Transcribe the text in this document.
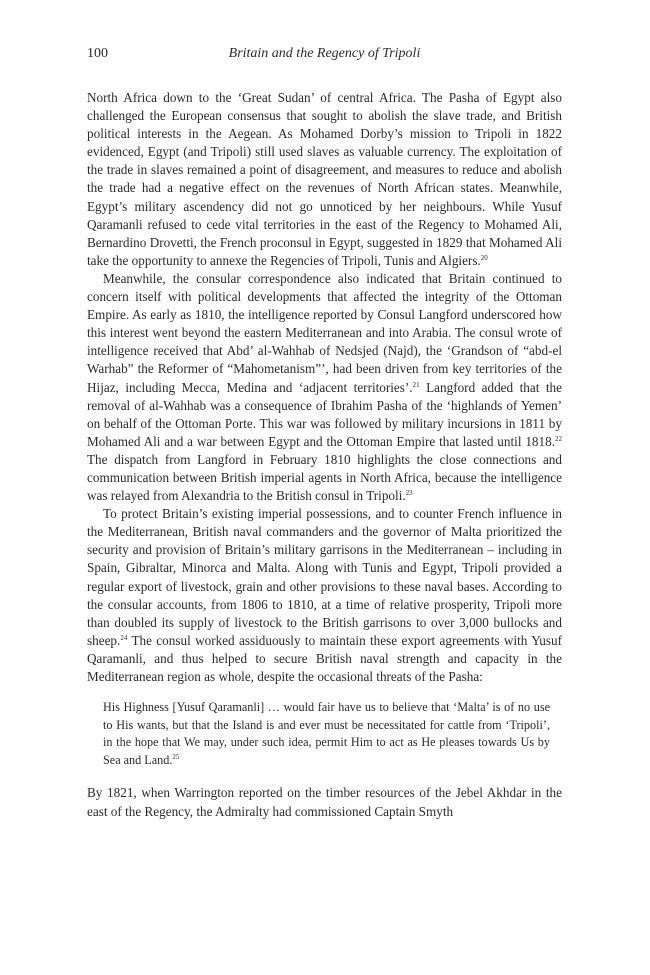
100	Britain and the Regency of Tripoli

North Africa down to the ‘Great Sudan’ of central Africa. The Pasha of Egypt also challenged the European consensus that sought to abolish the slave trade, and British political interests in the Aegean. As Mohamed Dorby’s mission to Tripoli in 1822 evidenced, Egypt (and Tripoli) still used slaves as valuable currency. The exploitation of the trade in slaves remained a point of disagreement, and measures to reduce and abolish the trade had a negative effect on the revenues of North African states. Meanwhile, Egypt’s military ascendency did not go unnoticed by her neighbours. While Yusuf Qaramanli refused to cede vital territories in the east of the Regency to Mohamed Ali, Bernardino Drovetti, the French proconsul in Egypt, suggested in 1829 that Mohamed Ali take the opportunity to annexe the Regencies of Tripoli, Tunis and Algiers.$^{20}$

Meanwhile, the consular correspondence also indicated that Britain continued to concern itself with political developments that affected the integrity of the Ottoman Empire. As early as 1810, the intelligence reported by Consul Langford underscored how this interest went beyond the eastern Mediterranean and into Arabia. The consul wrote of intelligence received that Abd’ al-Wahhab of Nedsjed (Najd), the ‘Grandson of “abd-el Warhab” the Reformer of “Mahometanism”’, had been driven from key territories of the Hijaz, including Mecca, Medina and ‘adjacent territories’.$^{21}$ Langford added that the removal of al-Wahhab was a consequence of Ibrahim Pasha of the ‘highlands of Yemen’ on behalf of the Ottoman Porte. This war was followed by military incursions in 1811 by Mohamed Ali and a war between Egypt and the Ottoman Empire that lasted until 1818.22 The dispatch from Langford in February 1810 highlights the close connections and communication between British imperial agents in North Africa, because the intelligence was relayed from Alexandria to the British consul in Tripoli.$^{23}$

To protect Britain’s existing imperial possessions, and to counter French influence in the Mediterranean, British naval commanders and the governor of Malta prioritized the security and provision of Britain’s military garrisons in the Mediterranean – including in Spain, Gibraltar, Minorca and Malta. Along with Tunis and Egypt, Tripoli provided a regular export of livestock, grain and other provisions to these naval bases. According to the consular accounts, from 1806 to 1810, at a time of relative prosperity, Tripoli more than doubled its supply of livestock to the British garrisons to over 3,000 bullocks and sheep.$^{24}$ The consul worked assiduously to maintain these export agreements with Yusuf Qaramanli, and thus helped to secure British naval strength and capacity in the Mediterranean region as whole, despite the occasional threats of the Pasha:

His Highness [Yusuf Qaramanli] … would fair have us to believe that ‘Malta’ is of no use to His wants, but that the Island is and ever must be necessitated for cattle from ‘Tripoli’, in the hope that We may, under such idea, permit Him to act as He pleases towards Us by Sea and Land.$^{25}$

By 1821, when Warrington reported on the timber resources of the Jebel Akhdar in the east of the Regency, the Admiralty had commissioned Captain Smyth
